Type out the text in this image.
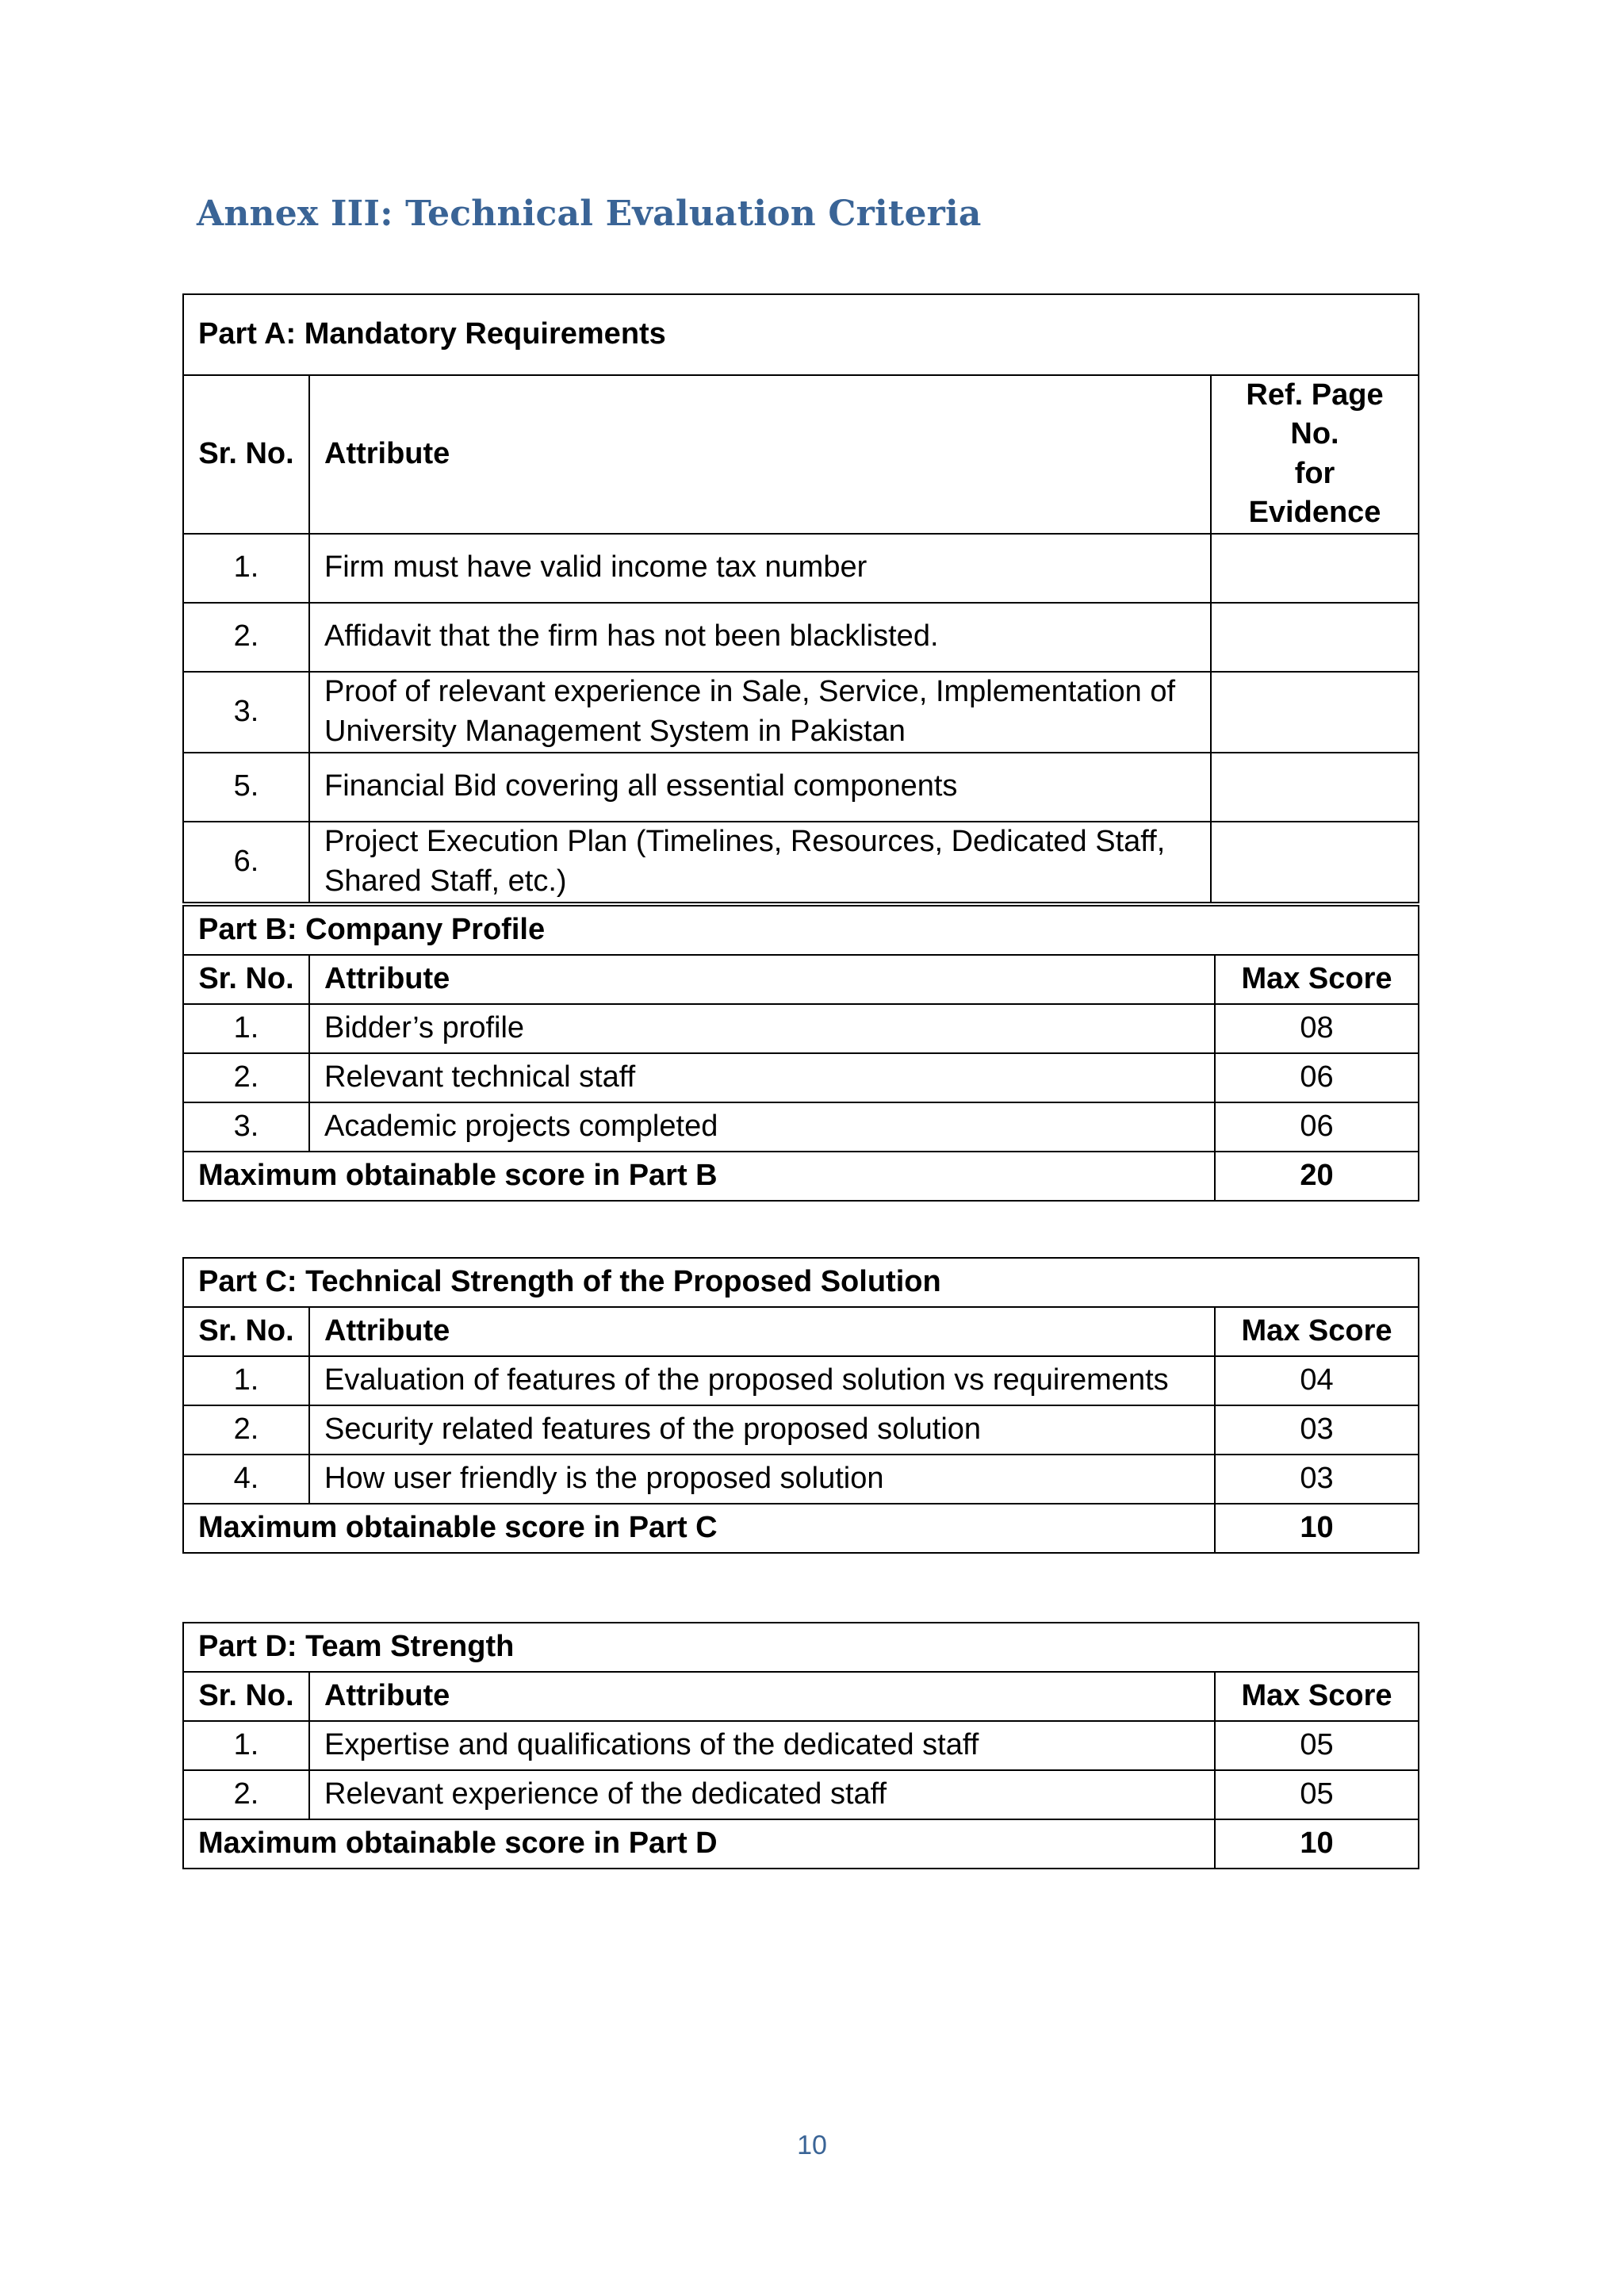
Annex III: Technical Evaluation Criteria
Part A: Mandatory Requirements		
Sr. No.	Attribute	Ref. Page No.
for Evidence
1.	Firm must have valid income tax number	
2.	Affidavit that the firm has not been blacklisted.	
3.	Proof of relevant experience in Sale, Service, Implementation of University Management System in Pakistan	
5.	Financial Bid covering all essential components	
6.	Project Execution Plan (Timelines, Resources, Dedicated Staff, Shared Staff, etc.)	
Part B: Company Profile		
Sr. No.	Attribute	Max Score
1.	Bidder’s profile	08
2.	Relevant technical staff	06
3.	Academic projects completed	06
Maximum obtainable score in Part B		20
Part C: Technical Strength of the Proposed Solution		
Sr. No.	Attribute	Max Score
1.	Evaluation of features of the proposed solution vs requirements	04
2.	Security related features of the proposed solution	03
4.	How user friendly is the proposed solution	03
Maximum obtainable score in Part C		10
Part D: Team Strength		
Sr. No.	Attribute	Max Score
1.	Expertise and qualifications of the dedicated staff	05
2.	Relevant experience of the dedicated staff	05
Maximum obtainable score in Part D		10
10
